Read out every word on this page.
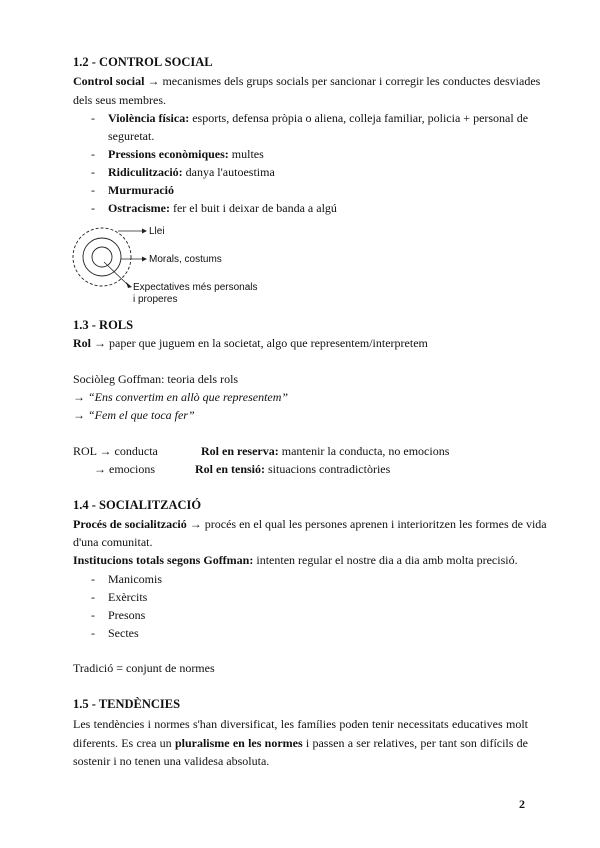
1.2 - CONTROL SOCIAL
Control social → mecanismes dels grups socials per sancionar i corregir les conductes desviades
dels seus membres.
- Violència física: esports, defensa pròpia o aliena, colleja familiar, policia + personal de
seguretat.
- Pressions econòmiques: multes
- Ridiculització: danya l'autoestima
- Murmuració
- Ostracisme: fer el buit i deixar de banda a algú
Llei
Morals, costums
Expectatives més personals
i properes
1.3 - ROLS
Rol → paper que juguem en la societat, algo que representem/interpretem
Sociòleg Goffman: teoria dels rols
→ “Ens convertim en allò que representem”
→ “Fem el que toca fer”
ROL → conducta
→ emocions
Rol en reserva: mantenir la conducta, no emocions
Rol en tensió: situacions contradictòries
1.4 - SOCIALITZACIÓ
Procés de socialització → procés en el qual les persones aprenen i interioritzen les formes de vida
d'una comunitat.
Institucions totals segons Goffman: intenten regular el nostre dia a dia amb molta precisió.
- Manicomis
- Exèrcits
- Presons
- Sectes
Tradició = conjunt de normes
1.5 - TENDÈNCIES
Les tendències i normes s'han diversificat, les famílies poden tenir necessitats educatives molt diferents. Es crea un pluralisme en les normes i passen a ser relatives, per tant son difícils de sostenir i no tenen una validesa absoluta.
2
